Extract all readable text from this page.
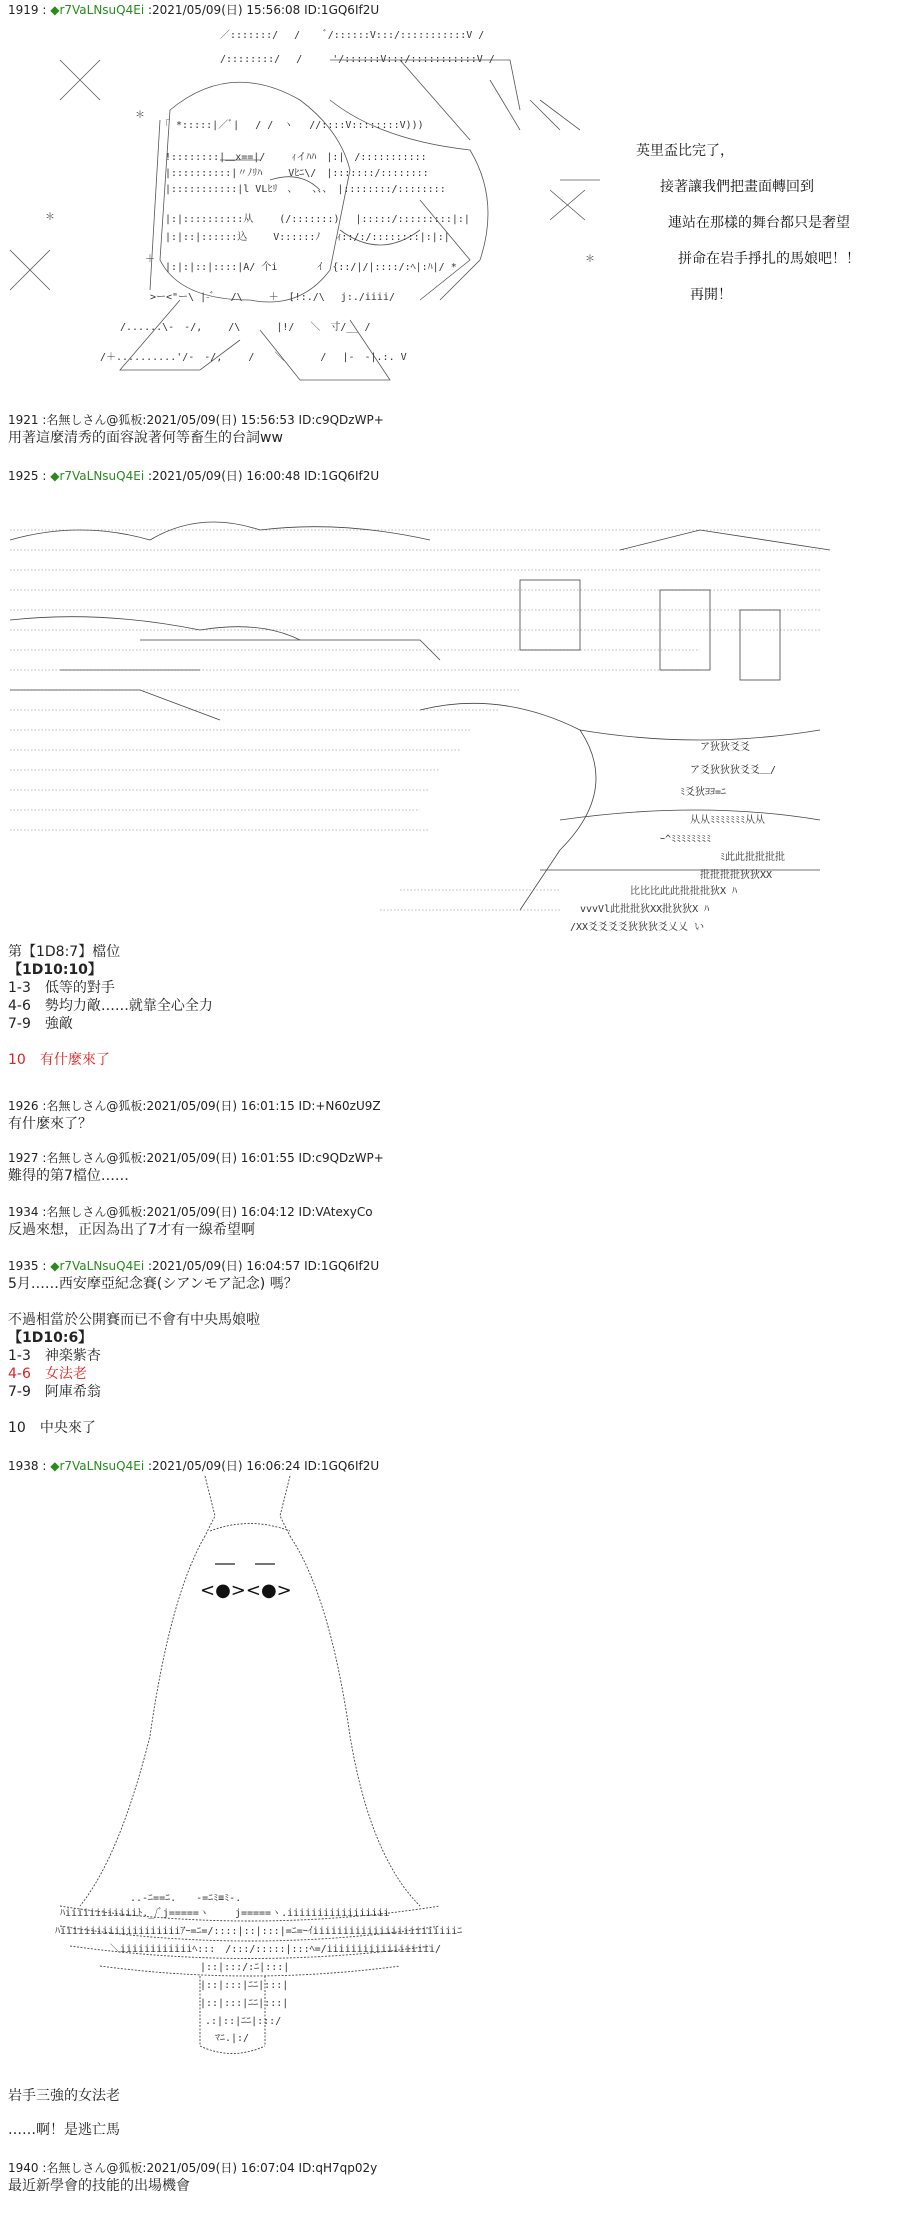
1919 : ◆r7VaLNsuQ4Ei :2021/05/09(日) 15:56:08 ID:1GQ6If2U
／:::::::/　 /　　 ﾞ/::::::V:::/:::::::::::V /
/::::::::/　 /　　　'/::::::V:::/:::::::::::V /
「 *:::::|／ﾞ|　 / /　ヽ　 //::::V::::::::V)))
!::::::::|＿x==|/　　 ｨイﾊﾊ　|:|　/:::::::::::
|::::::::::|〃ﾉﾘﾊ　　 Vﾋﾆ\/　|:::::::/::::::::
|:::::::::::|l VLﾋﾘ　、　　、、、　|::::::::/::::::::
|:|::::::::::从　　 (/:::::::)　 |:::::/:::::::::|:|
|:|::|::::::込　　 V::::::ﾉ　 ｨ::/:/::::::::|:|:|
|:|:|::|::::|A/ 个i　　　　ｲ　{::/|/|::::/:ﾍ|:ﾊ|/ *
>ー<"ー\ |-ﾞ　 /\　　 ＋　[!:./\　 j:./iiii/
/......\-　-/,　　 /\　　　 |!/　 ＼　寸/__ /
/＋..........'/-　-/,　　 /　　＼　　　 /　 |-　-|.:. V
＊
＊
＊
＋
英里盃比完了，
接著讓我們把畫面轉回到
連站在那樣的舞台都只是奢望
拼命在岩手掙扎的馬娘吧！！
再開！
1921 :名無しさん@狐板:2021/05/09(日) 15:56:53 ID:c9QDzWP+
用著這麼清秀的面容說著何等畜生的台詞ww
1925 : ◆r7VaLNsuQ4Ei :2021/05/09(日) 16:00:48 ID:1GQ6If2U
ア狄狄爻爻
ア爻狄狄狄爻爻＿/
ﾐ爻狄ﾖﾖ=ﾆ
从从ﾐﾐﾐﾐﾐﾐﾐ从从
ｰ^ﾐﾐﾐﾐﾐﾐﾐﾐ
ﾐ此此批批批批
批批批批狄狄XX
比比比此此批批批狄X ﾊ
vvvVl此批批狄XX批狄狄X ﾊ
/XX爻爻爻爻狄狄狄爻乂乂 い
第【1D8:7】檔位
【1D10:10】
1-3　低等的對手
4-6　勢均力敵……就靠全心全力
7-9　強敵
10　有什麼來了
1926 :名無しさん@狐板:2021/05/09(日) 16:01:15 ID:+N60zU9Z
有什麼來了？
1927 :名無しさん@狐板:2021/05/09(日) 16:01:55 ID:c9QDzWP+
難得的第7檔位……
1934 :名無しさん@狐板:2021/05/09(日) 16:04:12 ID:VAtexyCo
反過來想，正因為出了7才有一線希望啊
1935 : ◆r7VaLNsuQ4Ei :2021/05/09(日) 16:04:57 ID:1GQ6If2U
5月……西安摩亞紀念賽(シアンモア記念) 嗎？
不過相當於公開賽而已不會有中央馬娘啦
【1D10:6】
1-3　神楽紫杏
4-6　女法老
7-9　阿庫希翁
10　中央來了
1938 : ◆r7VaLNsuQ4Ei :2021/05/09(日) 16:06:24 ID:1GQ6If2U
<●><●>
..-ﾆ==ﾆ.　　-=ﾆﾐ≡ﾐ-.
ﾊiiiiiiiiiiiiﾄ._/ﾞj=====ヽ　　 j=====ヽ.iiiiiiiiiiiiiiiii
ﾊiiiiiiiiiiiiiiiiiiiiｱｰ=ﾆ=/::::|::|:::|=ﾆ=ｰｲiiiiiiiiiiiiiiiiiiiiiiiiﾆ
＼iiiiiiiiiiiiﾍ:::　/:::/:::::|:::ﾍ=/iiiiiiiiiiiiiiiiii/
|::|:::/:ﾆ|:::|
|::|:::|ﾆﾆ|:::|
|::|:::|ﾆﾆ|:::|
.:|::|ﾆﾆ|:::/
ﾏﾆ.|:/
岩手三強的女法老
……啊！是逃亡馬
1940 :名無しさん@狐板:2021/05/09(日) 16:07:04 ID:qH7qp02y
最近新學會的技能的出場機會
